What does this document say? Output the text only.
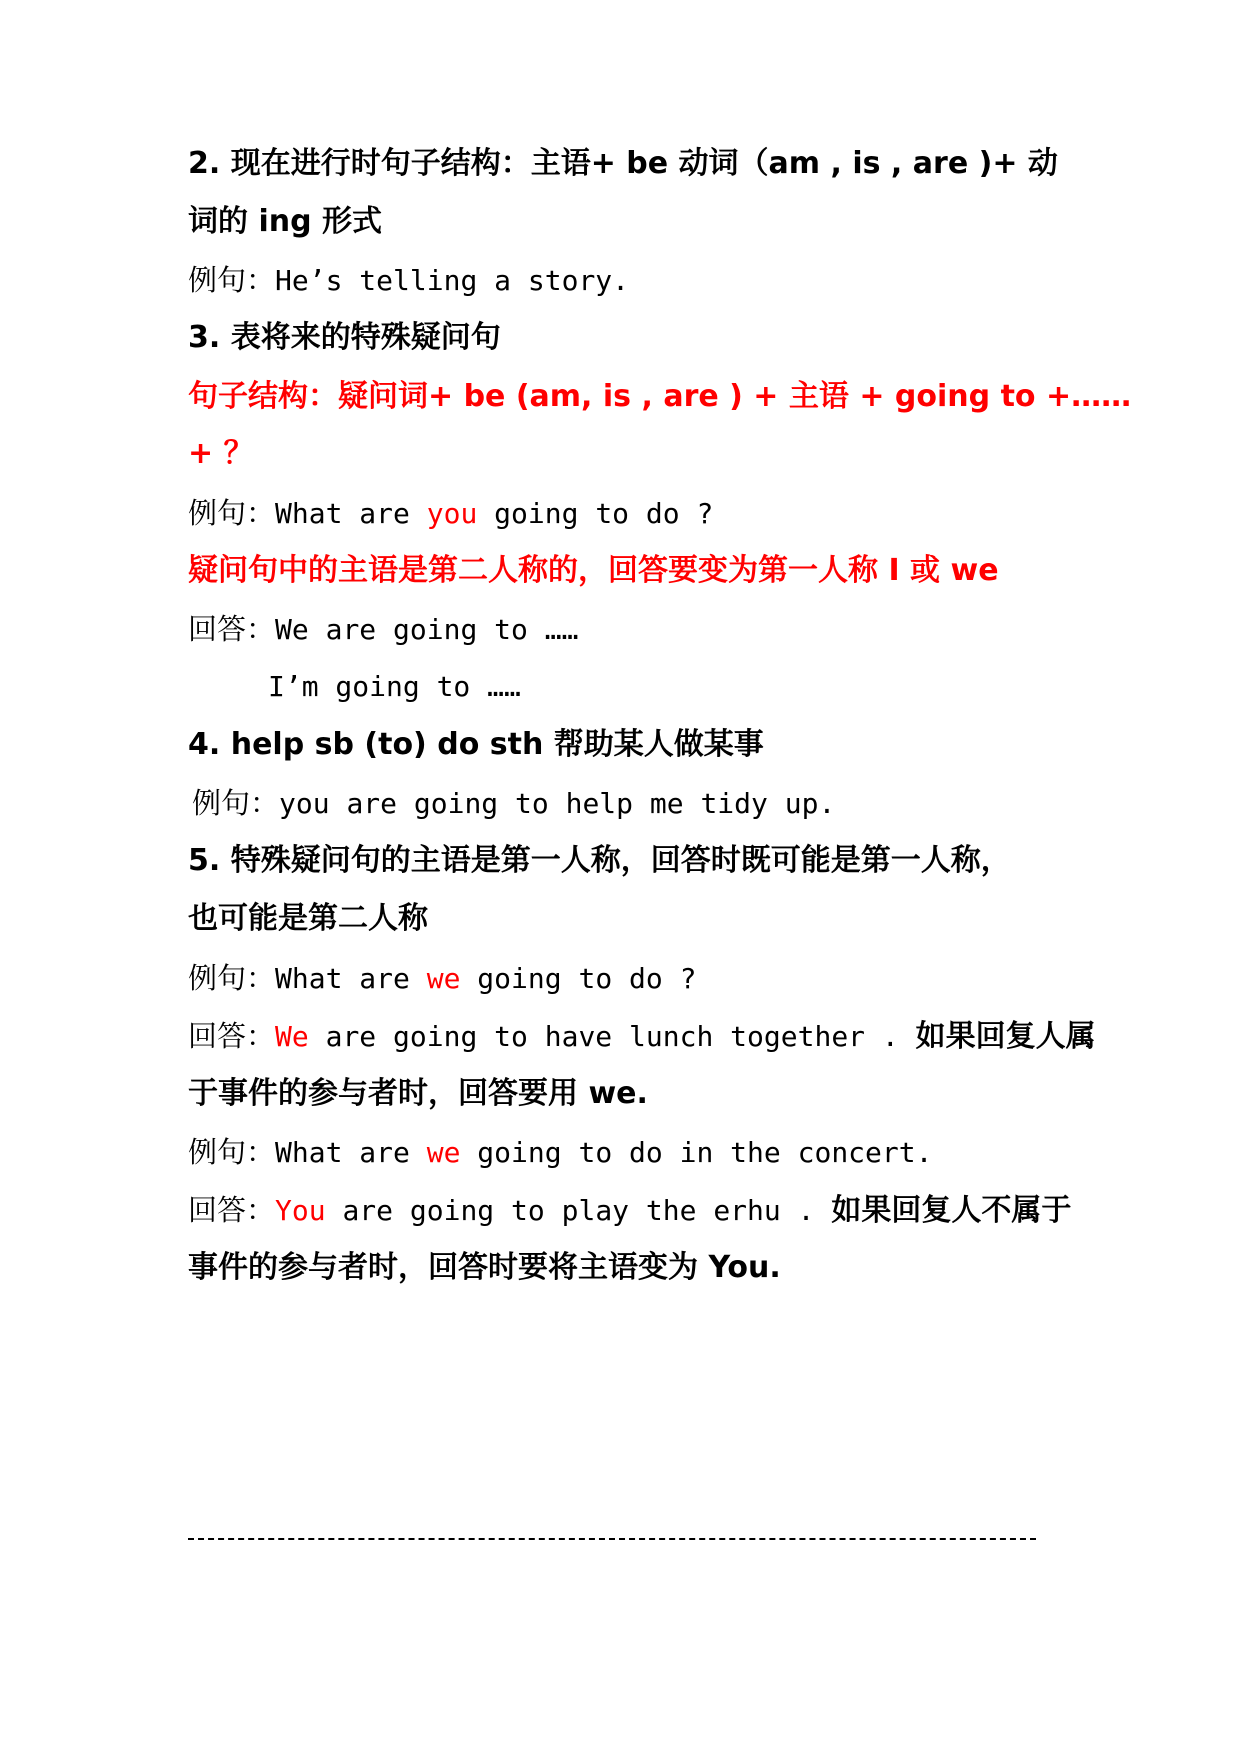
2. 现在进行时句子结构：主语+ be 动词（am , is , are )+ 动
词的 ing 形式
例句：He’s telling a story.
3. 表将来的特殊疑问句
句子结构：疑问词+ be (am, is , are ) + 主语 + going to +……
+ ？
例句：What are you going to do ?
疑问句中的主语是第二人称的，回答要变为第一人称 I 或 we
回答：We are going to ……
I’m going to ……
4. help sb (to) do sth 帮助某人做某事
例句：you are going to help me tidy up.
5. 特殊疑问句的主语是第一人称，回答时既可能是第一人称，
也可能是第二人称
例句：What are we going to do ?
回答：We are going to have lunch together . 如果回复人属
于事件的参与者时，回答要用 we.
例句：What are we going to do in the concert.
回答：You are going to play the erhu . 如果回复人不属于
事件的参与者时，回答时要将主语变为 You.
